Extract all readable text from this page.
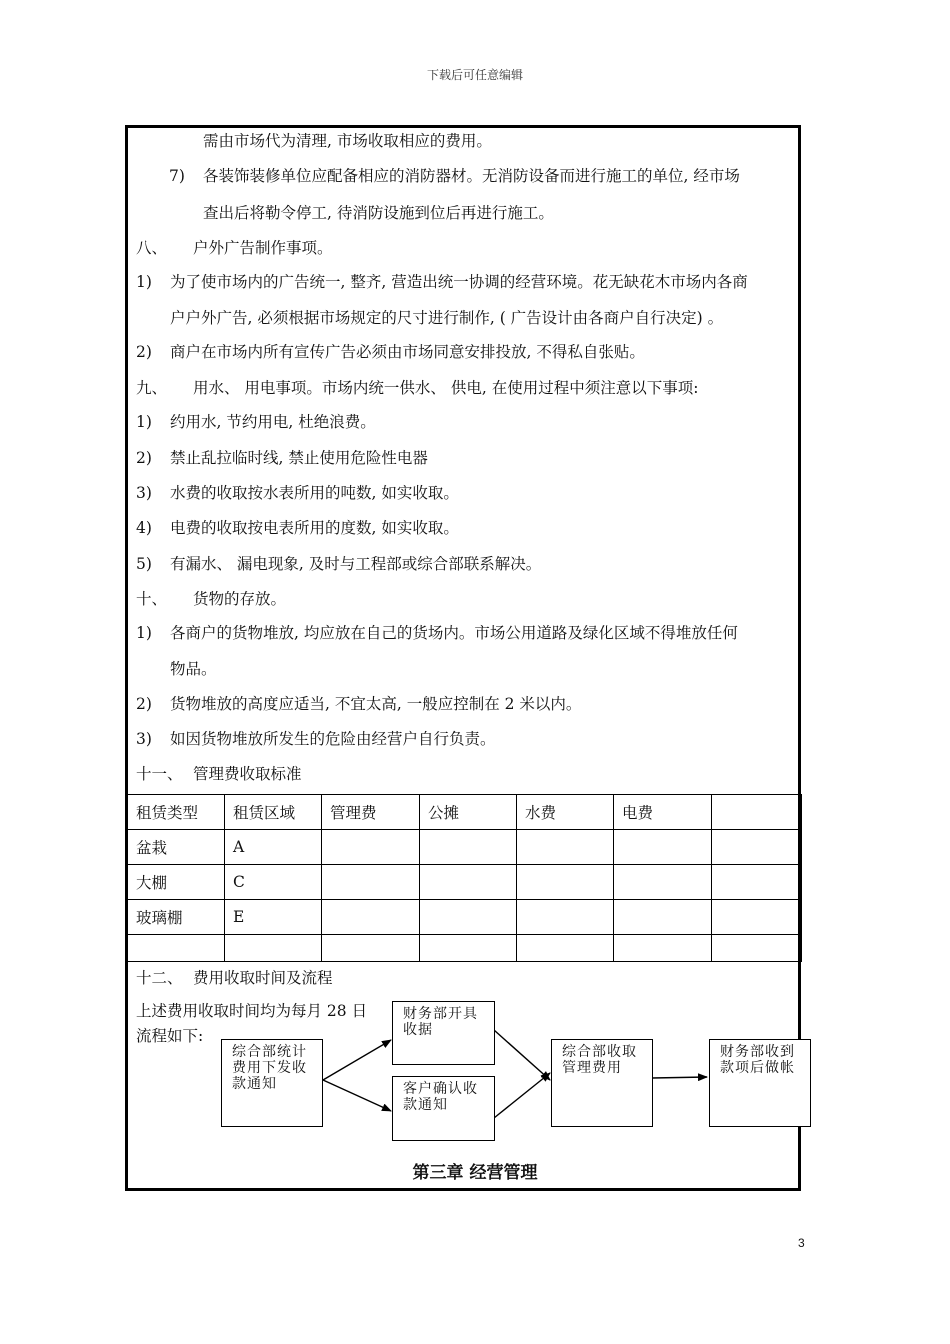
下载后可任意编辑
需由市场代为清理, 市场收取相应的费用。
7) 各装饰装修单位应配备相应的消防器材。无消防设备而进行施工的单位, 经市场
查出后将勒令停工, 待消防设施到位后再进行施工。
八、 户外广告制作事项。
1) 为了使市场内的广告统一, 整齐, 营造出统一协调的经营环境。花无缺花木市场内各商
户户外广告, 必须根据市场规定的尺寸进行制作, ( 广告设计由各商户自行决定) 。
2) 商户在市场内所有宣传广告必须由市场同意安排投放, 不得私自张贴。
九、 用水、 用电事项。市场内统一供水、 供电, 在使用过程中须注意以下事项:
1) 约用水, 节约用电, 杜绝浪费。
2) 禁止乱拉临时线, 禁止使用危险性电器
3) 水费的收取按水表所用的吨数, 如实收取。
4) 电费的收取按电表所用的度数, 如实收取。
5) 有漏水、 漏电现象, 及时与工程部或综合部联系解决。
十、 货物的存放。
1) 各商户的货物堆放, 均应放在自己的货场内。市场公用道路及绿化区域不得堆放任何
物品。
2) 货物堆放的高度应适当, 不宜太高, 一般应控制在 2 米以内。
3) 如因货物堆放所发生的危险由经营户自行负责。
十一、 管理费收取标准
租赁类型	租赁区域	管理费	公摊	水费	电费	
盆栽	A					
大棚	C					
玻璃棚	E					

十二、 费用收取时间及流程
上述费用收取时间均为每月 28 日
流程如下:
综合部统计费用下发收款通知
财务部开具收据
客户确认收款通知
综合部收取管理费用
财务部收到款项后做帐
第三章 经营管理
3
